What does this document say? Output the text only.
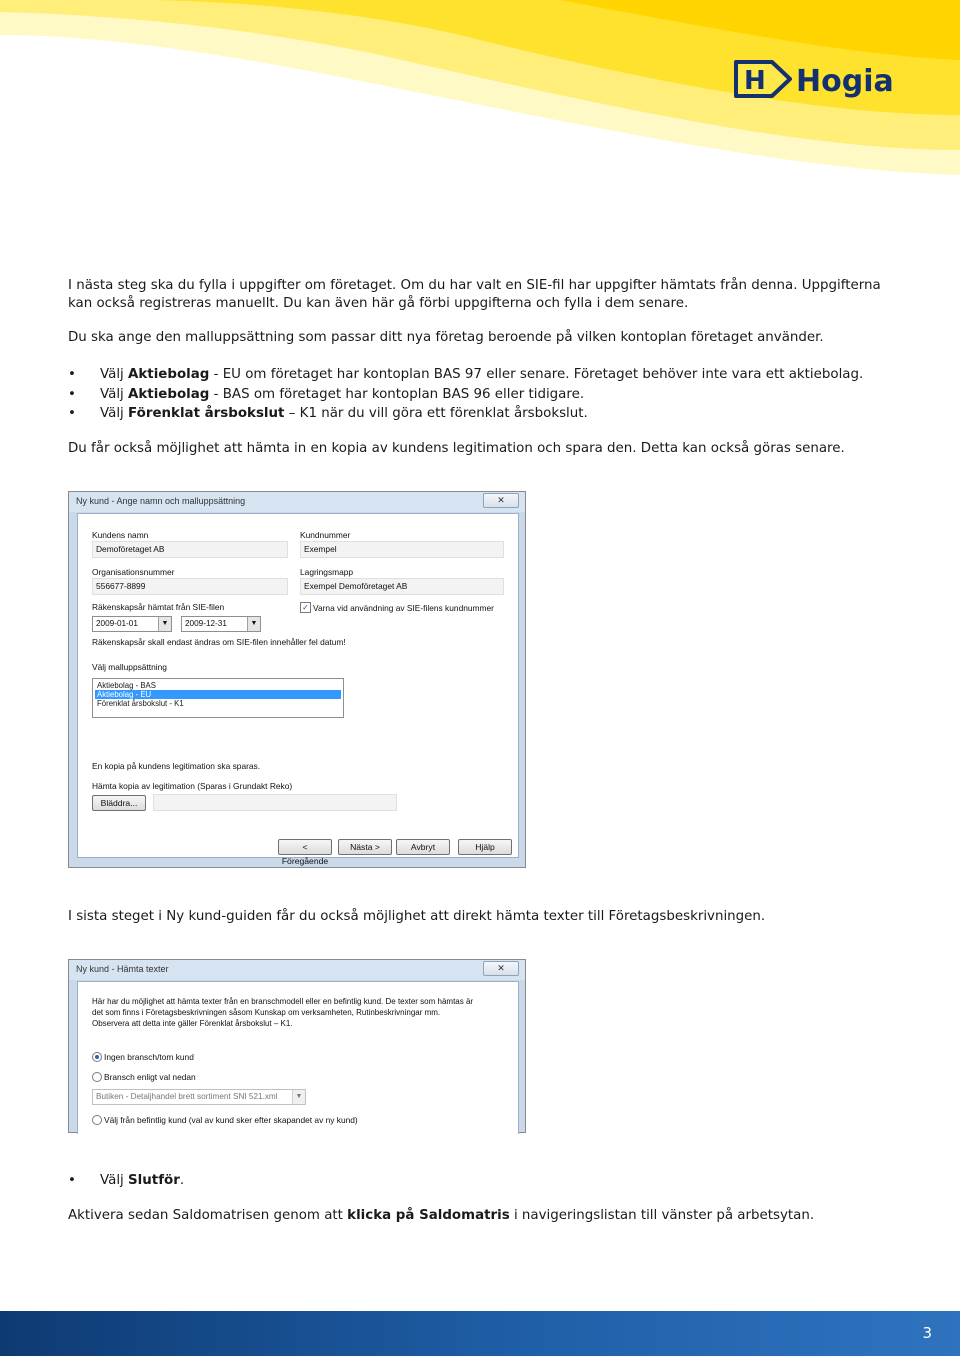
H Hogia

I nästa steg ska du fylla i uppgifter om företaget. Om du har valt en SIE-fil har uppgifter hämtats från denna. Uppgifterna kan också registreras manuellt. Du kan även här gå förbi uppgifterna och fylla i dem senare.

Du ska ange den malluppsättning som passar ditt nya företag beroende på vilken kontoplan företaget använder.

•	Välj Aktiebolag - EU om företaget har kontoplan BAS 97 eller senare. Företaget behöver inte vara ett aktiebolag.
•	Välj Aktiebolag - BAS om företaget har kontoplan BAS 96 eller tidigare.
•	Välj Förenklat årsbokslut – K1 när du vill göra ett förenklat årsbokslut.

Du får också möjlighet att hämta in en kopia av kundens legitimation och spara den. Detta kan också göras senare.

Ny kund - Ange namn och malluppsättning	✕
Kundens namn
Demoföretaget AB
Kundnummer
Exempel
Organisationsnummer
556677-8899
Lagringsmapp
Exempel Demoföretaget AB
Räkenskapsår hämtat från SIE-filen
2009-01-01	▼	2009-12-31	▼
✓ Varna vid användning av SIE-filens kundnummer
Räkenskapsår skall endast ändras om SIE-filen innehåller fel datum!
Välj malluppsättning
Aktiebolag - BAS
Aktiebolag - EU
Förenklat årsbokslut - K1
En kopia på kundens legitimation ska sparas.
Hämta kopia av legitimation (Sparas i Grundakt Reko)
Bläddra...
< Föregående
Nästa >	Avbryt	Hjälp

I sista steget i Ny kund-guiden får du också möjlighet att direkt hämta texter till Företagsbeskrivningen.

Ny kund - Hämta texter	✕
Här har du möjlighet att hämta texter från en branschmodell eller en befintlig kund. De texter som hämtas är
det som finns i Företagsbeskrivningen såsom Kunskap om verksamheten, Rutinbeskrivningar mm.
Observera att detta inte gäller Förenklat årsbokslut – K1.
Ingen bransch/tom kund
Bransch enligt val nedan
Butiken - Detaljhandel brett sortiment SNI 521.xml	▼
Välj från befintlig kund (val av kund sker efter skapandet av ny kund)
•	Välj Slutför.

Aktivera sedan Saldomatrisen genom att klicka på Saldomatris i navigeringslistan till vänster på arbetsytan.

3
